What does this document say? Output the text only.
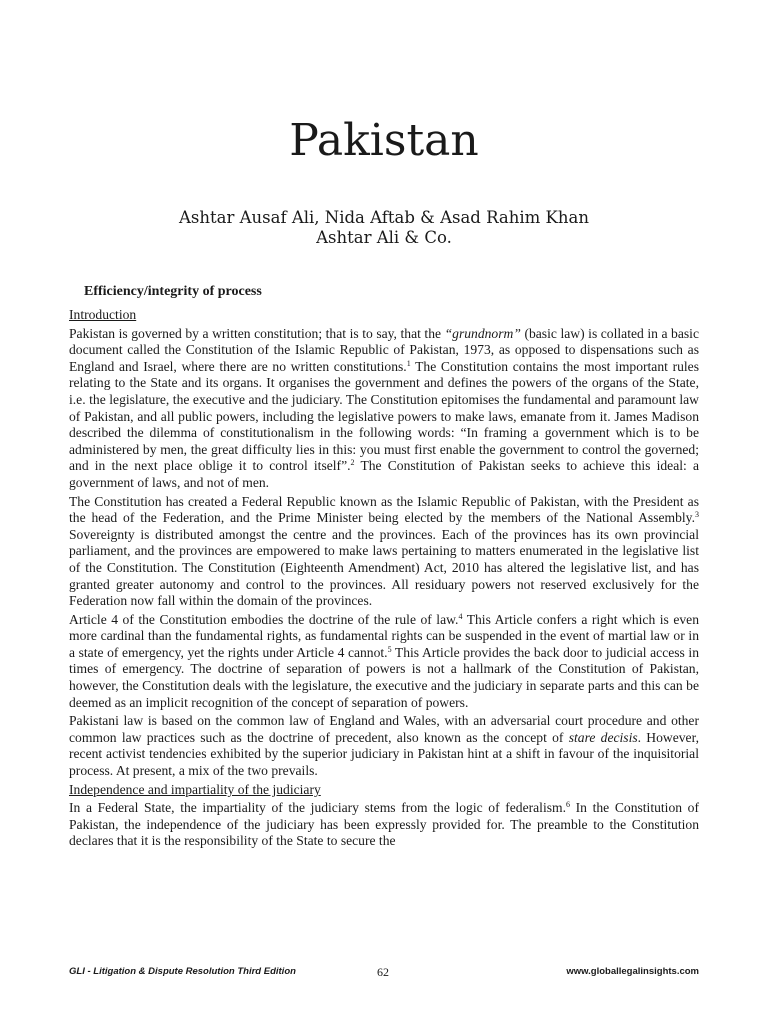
Pakistan
Ashtar Ausaf Ali, Nida Aftab & Asad Rahim Khan
Ashtar Ali & Co.
Efficiency/integrity of process
Introduction

Pakistan is governed by a written constitution; that is to say, that the “grundnorm” (basic law) is collated in a basic document called the Constitution of the Islamic Republic of Pakistan, 1973, as opposed to dispensations such as England and Israel, where there are no written constitutions.$^1$ The Constitution contains the most important rules relating to the State and its organs. It organises the government and defines the powers of the organs of the State, i.e. the legislature, the executive and the judiciary. The Constitution epitomises the fundamental and paramount law of Pakistan, and all public powers, including the legislative powers to make laws, emanate from it. James Madison described the dilemma of constitutionalism in the following words: “In framing a government which is to be administered by men, the great difficulty lies in this: you must first enable the government to control the governed; and in the next place oblige it to control itself”.$^2$ The Constitution of Pakistan seeks to achieve this ideal: a government of laws, and not of men.

The Constitution has created a Federal Republic known as the Islamic Republic of Pakistan, with the President as the head of the Federation, and the Prime Minister being elected by the members of the National Assembly.$^3$ Sovereignty is distributed amongst the centre and the provinces. Each of the provinces has its own provincial parliament, and the provinces are empowered to make laws pertaining to matters enumerated in the legislative list of the Constitution. The Constitution (Eighteenth Amendment) Act, 2010 has altered the legislative list, and has granted greater autonomy and control to the provinces. All residuary powers not reserved exclusively for the Federation now fall within the domain of the provinces.

Article 4 of the Constitution embodies the doctrine of the rule of law.$^4$ This Article confers a right which is even more cardinal than the fundamental rights, as fundamental rights can be suspended in the event of martial law or in a state of emergency, yet the rights under Article 4 cannot.$^5$ This Article provides the back door to judicial access in times of emergency. The doctrine of separation of powers is not a hallmark of the Constitution of Pakistan, however, the Constitution deals with the legislature, the executive and the judiciary in separate parts and this can be deemed as an implicit recognition of the concept of separation of powers.

Pakistani law is based on the common law of England and Wales, with an adversarial court procedure and other common law practices such as the doctrine of precedent, also known as the concept of stare decisis. However, recent activist tendencies exhibited by the superior judiciary in Pakistan hint at a shift in favour of the inquisitorial process. At present, a mix of the two prevails.

Independence and impartiality of the judiciary

In a Federal State, the impartiality of the judiciary stems from the logic of federalism.$^6$ In the Constitution of Pakistan, the independence of the judiciary has been expressly provided for. The preamble to the Constitution declares that it is the responsibility of the State to secure the

GLI - Litigation & Dispute Resolution Third Edition	62	www.globallegalinsights.com
